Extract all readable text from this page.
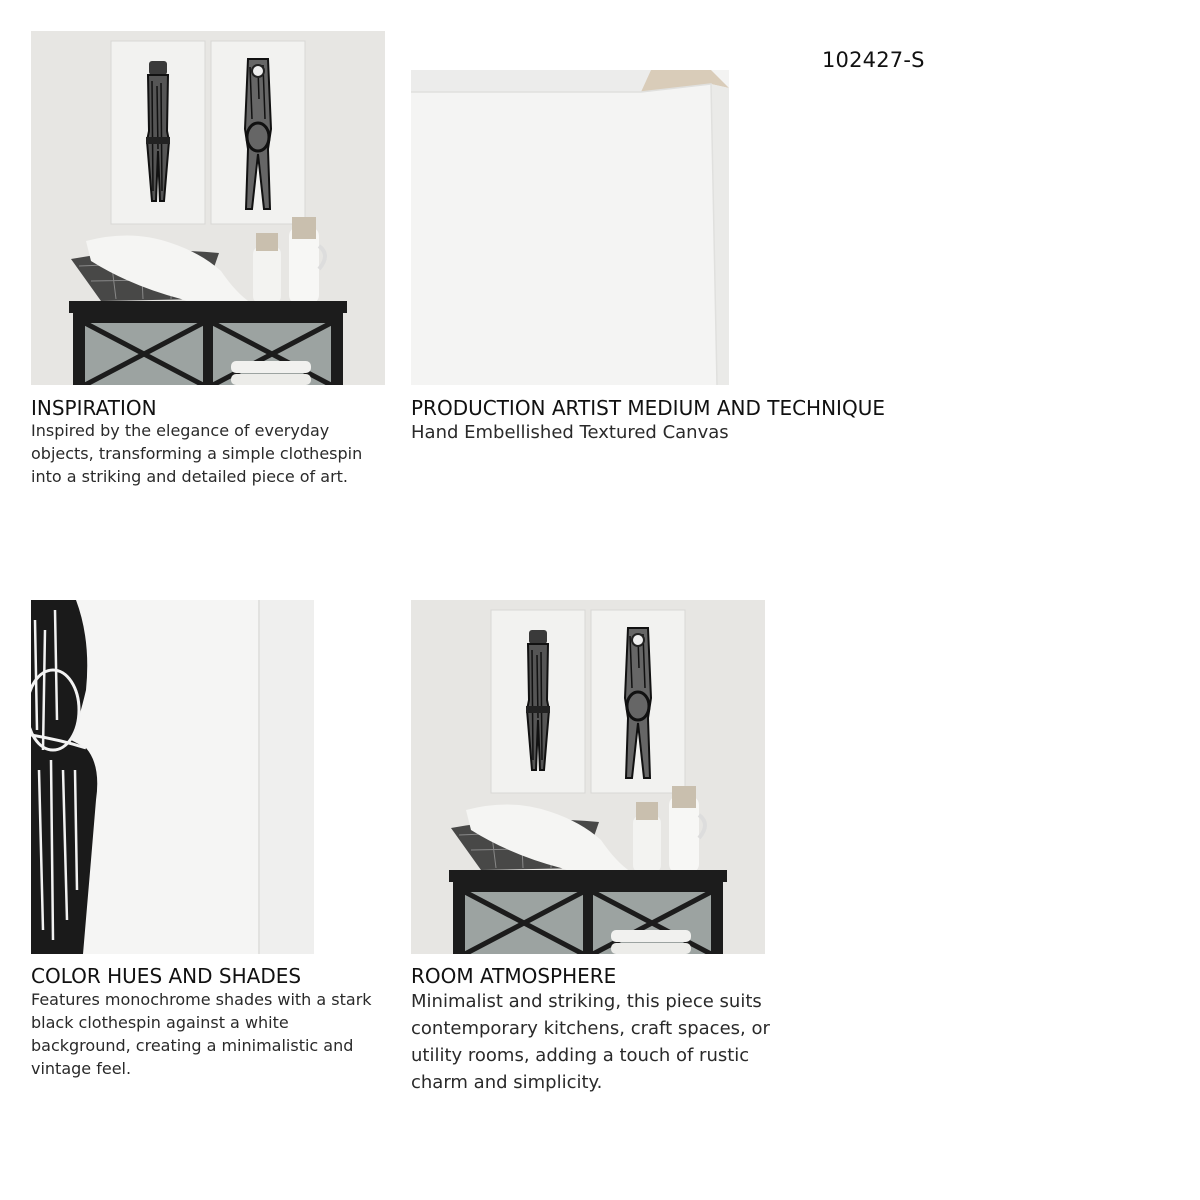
102427-S
INSPIRATION
Inspired by the elegance of everyday objects, transforming a simple clothespin into a striking and detailed piece of art.
PRODUCTION ARTIST MEDIUM AND TECHNIQUE
Hand Embellished Textured Canvas
COLOR HUES AND SHADES
Features monochrome shades with a stark black clothespin against a white background, creating a minimalistic and vintage feel.
ROOM ATMOSPHERE
Minimalist and striking, this piece suits contemporary kitchens, craft spaces, or utility rooms, adding a touch of rustic charm and simplicity.
